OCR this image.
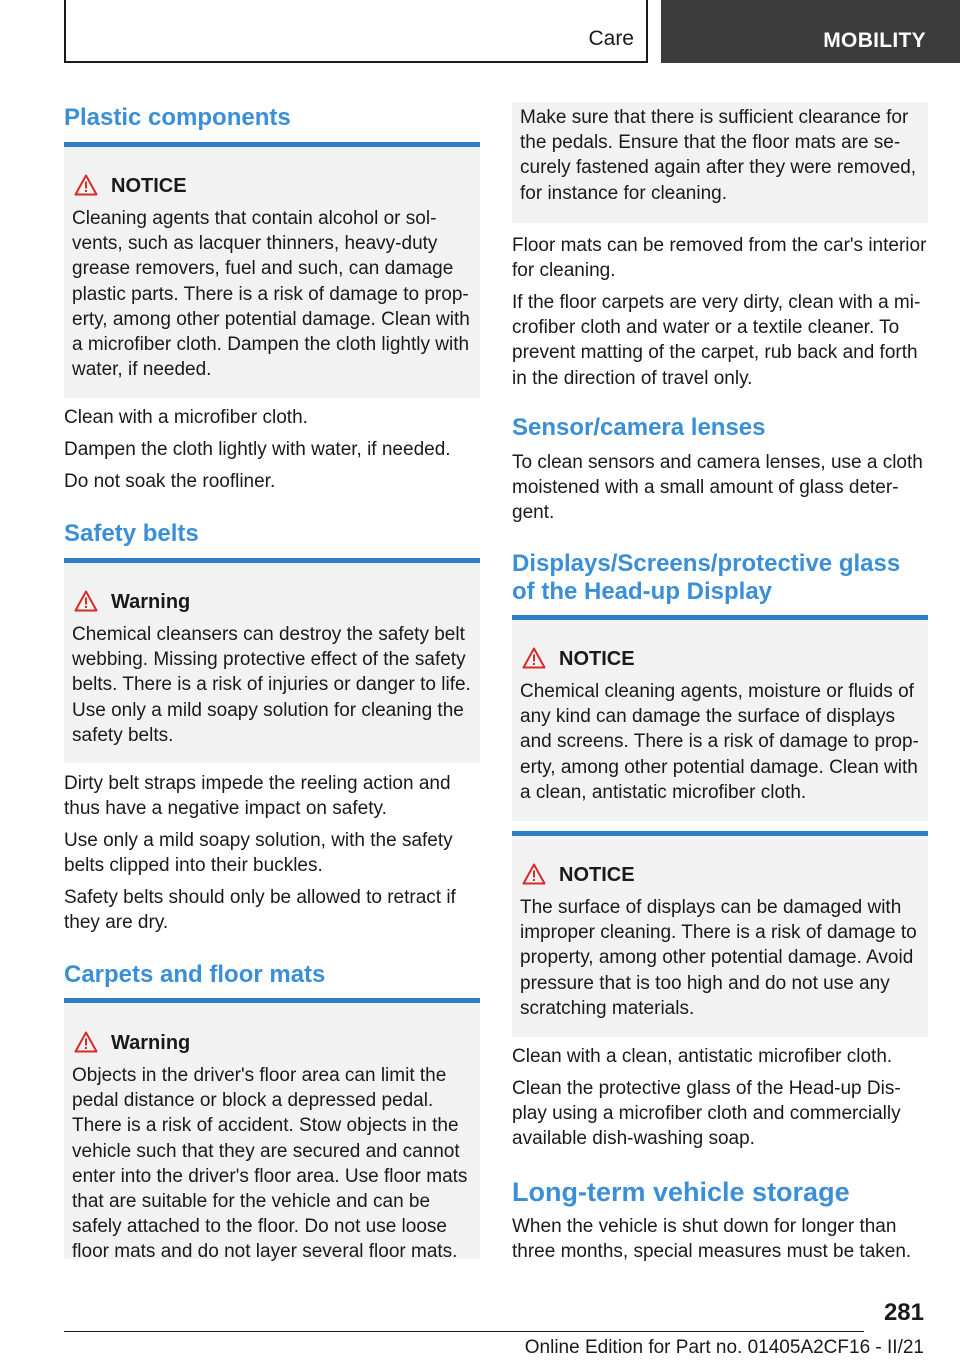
Care	MOBILITY
Plastic components
NOTICE

Cleaning agents that contain alcohol or solvents, such as lacquer thinners, heavy-duty grease removers, fuel and such, can damage plastic parts. There is a risk of damage to property, among other potential damage. Clean with a microfiber cloth. Dampen the cloth lightly with water, if needed.

Clean with a microfiber cloth.

Dampen the cloth lightly with water, if needed.

Do not soak the roofliner.

Safety belts
Warning

Chemical cleansers can destroy the safety belt webbing. Missing protective effect of the safety belts. There is a risk of injuries or danger to life. Use only a mild soapy solution for cleaning the safety belts.

Dirty belt straps impede the reeling action and thus have a negative impact on safety.

Use only a mild soapy solution, with the safety belts clipped into their buckles.

Safety belts should only be allowed to retract if they are dry.

Carpets and floor mats
Warning

Objects in the driver's floor area can limit the pedal distance or block a depressed pedal. There is a risk of accident. Stow objects in the vehicle such that they are secured and cannot enter into the driver's floor area. Use floor mats that are suitable for the vehicle and can be safely attached to the floor. Do not use loose floor mats and do not layer several floor mats.

Make sure that there is sufficient clearance for the pedals. Ensure that the floor mats are securely fastened again after they were removed, for instance for cleaning.

Floor mats can be removed from the car's interior for cleaning.

If the floor carpets are very dirty, clean with a microfiber cloth and water or a textile cleaner. To prevent matting of the carpet, rub back and forth in the direction of travel only.

Sensor/camera lenses

To clean sensors and camera lenses, use a cloth moistened with a small amount of glass detergent.

Displays/Screens/protective glass of the Head-up Display
NOTICE

Chemical cleaning agents, moisture or fluids of any kind can damage the surface of displays and screens. There is a risk of damage to property, among other potential damage. Clean with a clean, antistatic microfiber cloth.

NOTICE

The surface of displays can be damaged with improper cleaning. There is a risk of damage to property, among other potential damage. Avoid pressure that is too high and do not use any scratching materials.

Clean with a clean, antistatic microfiber cloth.

Clean the protective glass of the Head-up Display using a microfiber cloth and commercially available dish-washing soap.

Long-term vehicle storage

When the vehicle is shut down for longer than three months, special measures must be taken.

281
Online Edition for Part no. 01405A2CF16 - II/21
